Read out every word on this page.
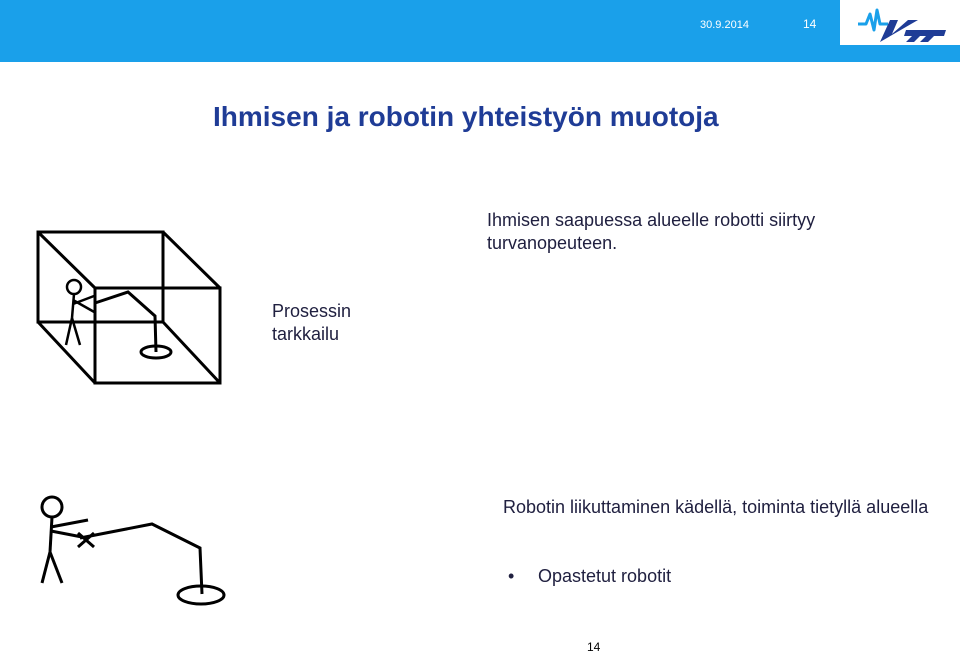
30.9.2014	14	VTT
Ihmisen ja robotin yhteistyön muotoja
Ihmisen saapuessa alueelle robotti siirtyy turvanopeuteen.
Prosessin tarkkailu
Robotin liikuttaminen kädellä, toiminta tietyllä alueella
• Opastetut robotit
14
